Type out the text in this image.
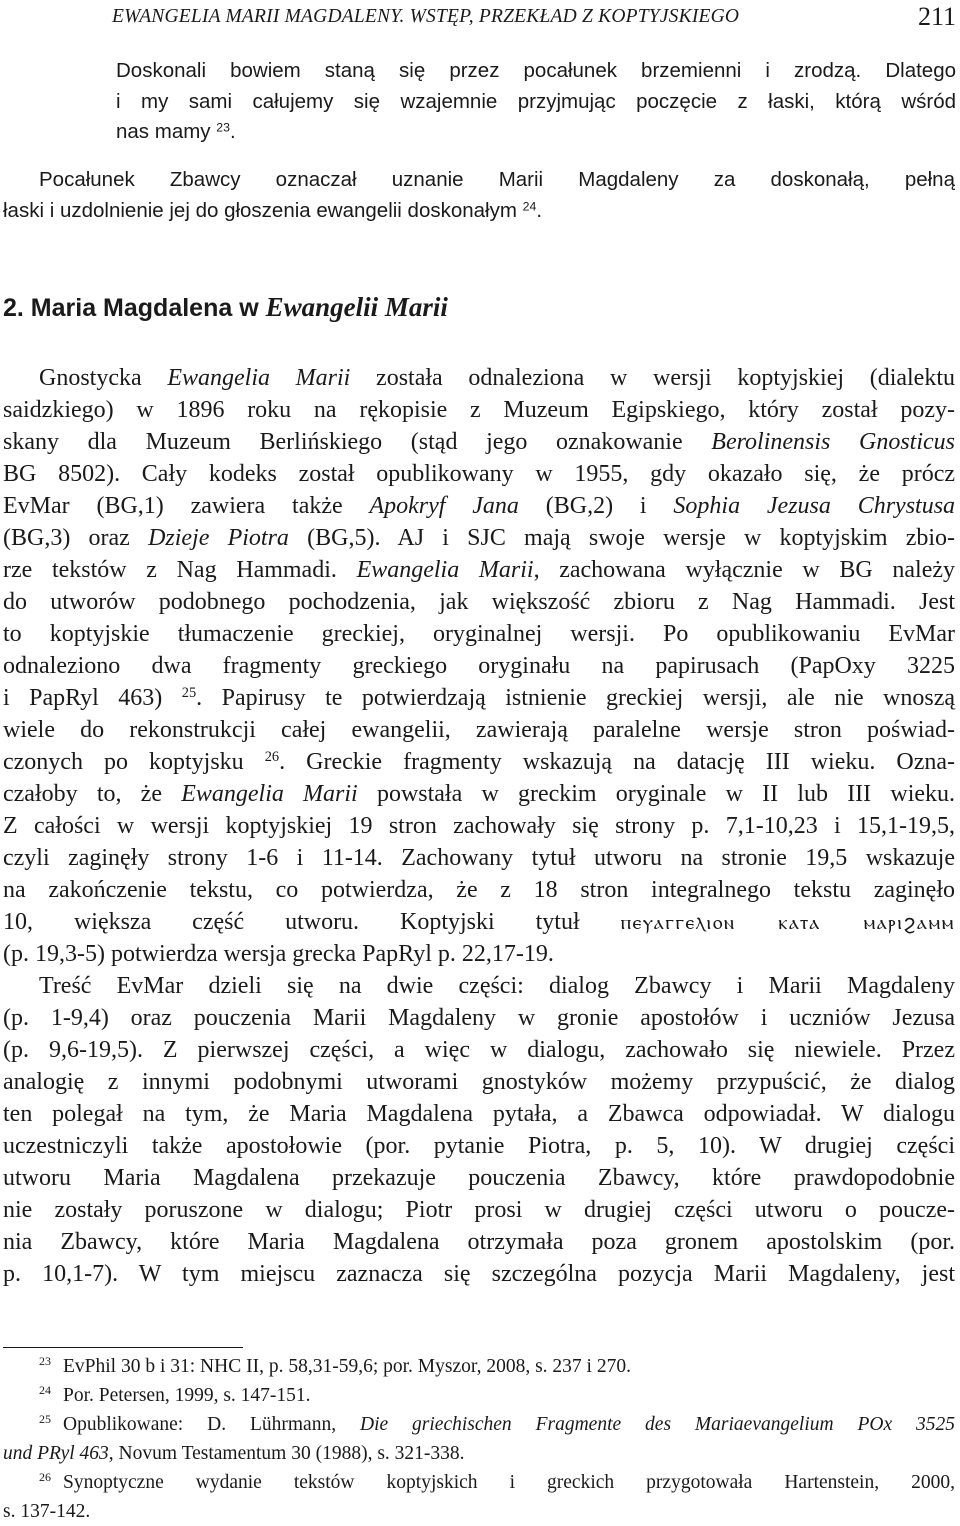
EWANGELIA MARII MAGDALENY. WSTĘP, PRZEKŁAD Z KOPTYJSKIEGO	211
Doskonali bowiem staną się przez pocałunek brzemienni i zrodzą. Dlatego
i my sami całujemy się wzajemnie przyjmując poczęcie z łaski, którą wśród
nas mamy $^{23}$.
Pocałunek Zbawcy oznaczał uznanie Marii Magdaleny za doskonałą, pełną
łaski i uzdolnienie jej do głoszenia ewangelii doskonałym $^{24}$.
2. Maria Magdalena w Ewangelii Marii
Gnostycka Ewangelia Marii została odnaleziona w wersji koptyjskiej (dialektu
saidzkiego) w 1896 roku na rękopisie z Muzeum Egipskiego, który został pozy-
skany dla Muzeum Berlińskiego (stąd jego oznakowanie Berolinensis Gnosticus
BG 8502). Cały kodeks został opublikowany w 1955, gdy okazało się, że prócz
EvMar (BG,1) zawiera także Apokryf Jana (BG,2) i Sophia Jezusa Chrystusa
(BG,3) oraz Dzieje Piotra (BG,5). AJ i SJC mają swoje wersje w koptyjskim zbio-
rze tekstów z Nag Hammadi. Ewangelia Marii, zachowana wyłącznie w BG należy
do utworów podobnego pochodzenia, jak większość zbioru z Nag Hammadi. Jest
to koptyjskie tłumaczenie greckiej, oryginalnej wersji. Po opublikowaniu EvMar
odnaleziono dwa fragmenty greckiego oryginału na papirusach (PapOxy 3225
i PapRyl 463) $^{25}$. Papirusy te potwierdzają istnienie greckiej wersji, ale nie wnoszą
wiele do rekonstrukcji całej ewangelii, zawierają paralelne wersje stron poświad-
czonych po koptyjsku $^{26}$. Greckie fragmenty wskazują na datację III wieku. Ozna-
czałoby to, że Ewangelia Marii powstała w greckim oryginale w II lub III wieku.
Z całości w wersji koptyjskiej 19 stron zachowały się strony p. 7,1-10,23 i 15,1-19,5,
czyli zaginęły strony 1-6 i 11-14. Zachowany tytuł utworu na stronie 19,5 wskazuje
na zakończenie tekstu, co potwierdza, że z 18 stron integralnego tekstu zaginęło
10, większa część utworu. Koptyjski tytuł ⲡⲉⲩⲁⲅⲅⲉⲗⲓⲟⲛ ⲕⲁⲧⲁ ⲙⲁⲣⲓϩⲁⲙⲙ
(p. 19,3-5) potwierdza wersja grecka PapRyl p. 22,17-19.
Treść EvMar dzieli się na dwie części: dialog Zbawcy i Marii Magdaleny
(p. 1-9,4) oraz pouczenia Marii Magdaleny w gronie apostołów i uczniów Jezusa
(p. 9,6-19,5). Z pierwszej części, a więc w dialogu, zachowało się niewiele. Przez
analogię z innymi podobnymi utworami gnostyków możemy przypuścić, że dialog
ten polegał na tym, że Maria Magdalena pytała, a Zbawca odpowiadał. W dialogu
uczestniczyli także apostołowie (por. pytanie Piotra, p. 5, 10). W drugiej części
utworu Maria Magdalena przekazuje pouczenia Zbawcy, które prawdopodobnie
nie zostały poruszone w dialogu; Piotr prosi w drugiej części utworu o poucze-
nia Zbawcy, które Maria Magdalena otrzymała poza gronem apostolskim (por.
p. 10,1-7). W tym miejscu zaznacza się szczególna pozycja Marii Magdaleny, jest
23 EvPhil 30 b i 31: NHC II, p. 58,31-59,6; por. Myszor, 2008, s. 237 i 270.
24 Por. Petersen, 1999, s. 147-151.
25 Opublikowane: D. Lührmann, Die griechischen Fragmente des Mariaevangelium POx 3525
und PRyl 463, Novum Testamentum 30 (1988), s. 321-338.
26 Synoptyczne wydanie tekstów koptyjskich i greckich przygotowała Hartenstein, 2000,
s. 137-142.
